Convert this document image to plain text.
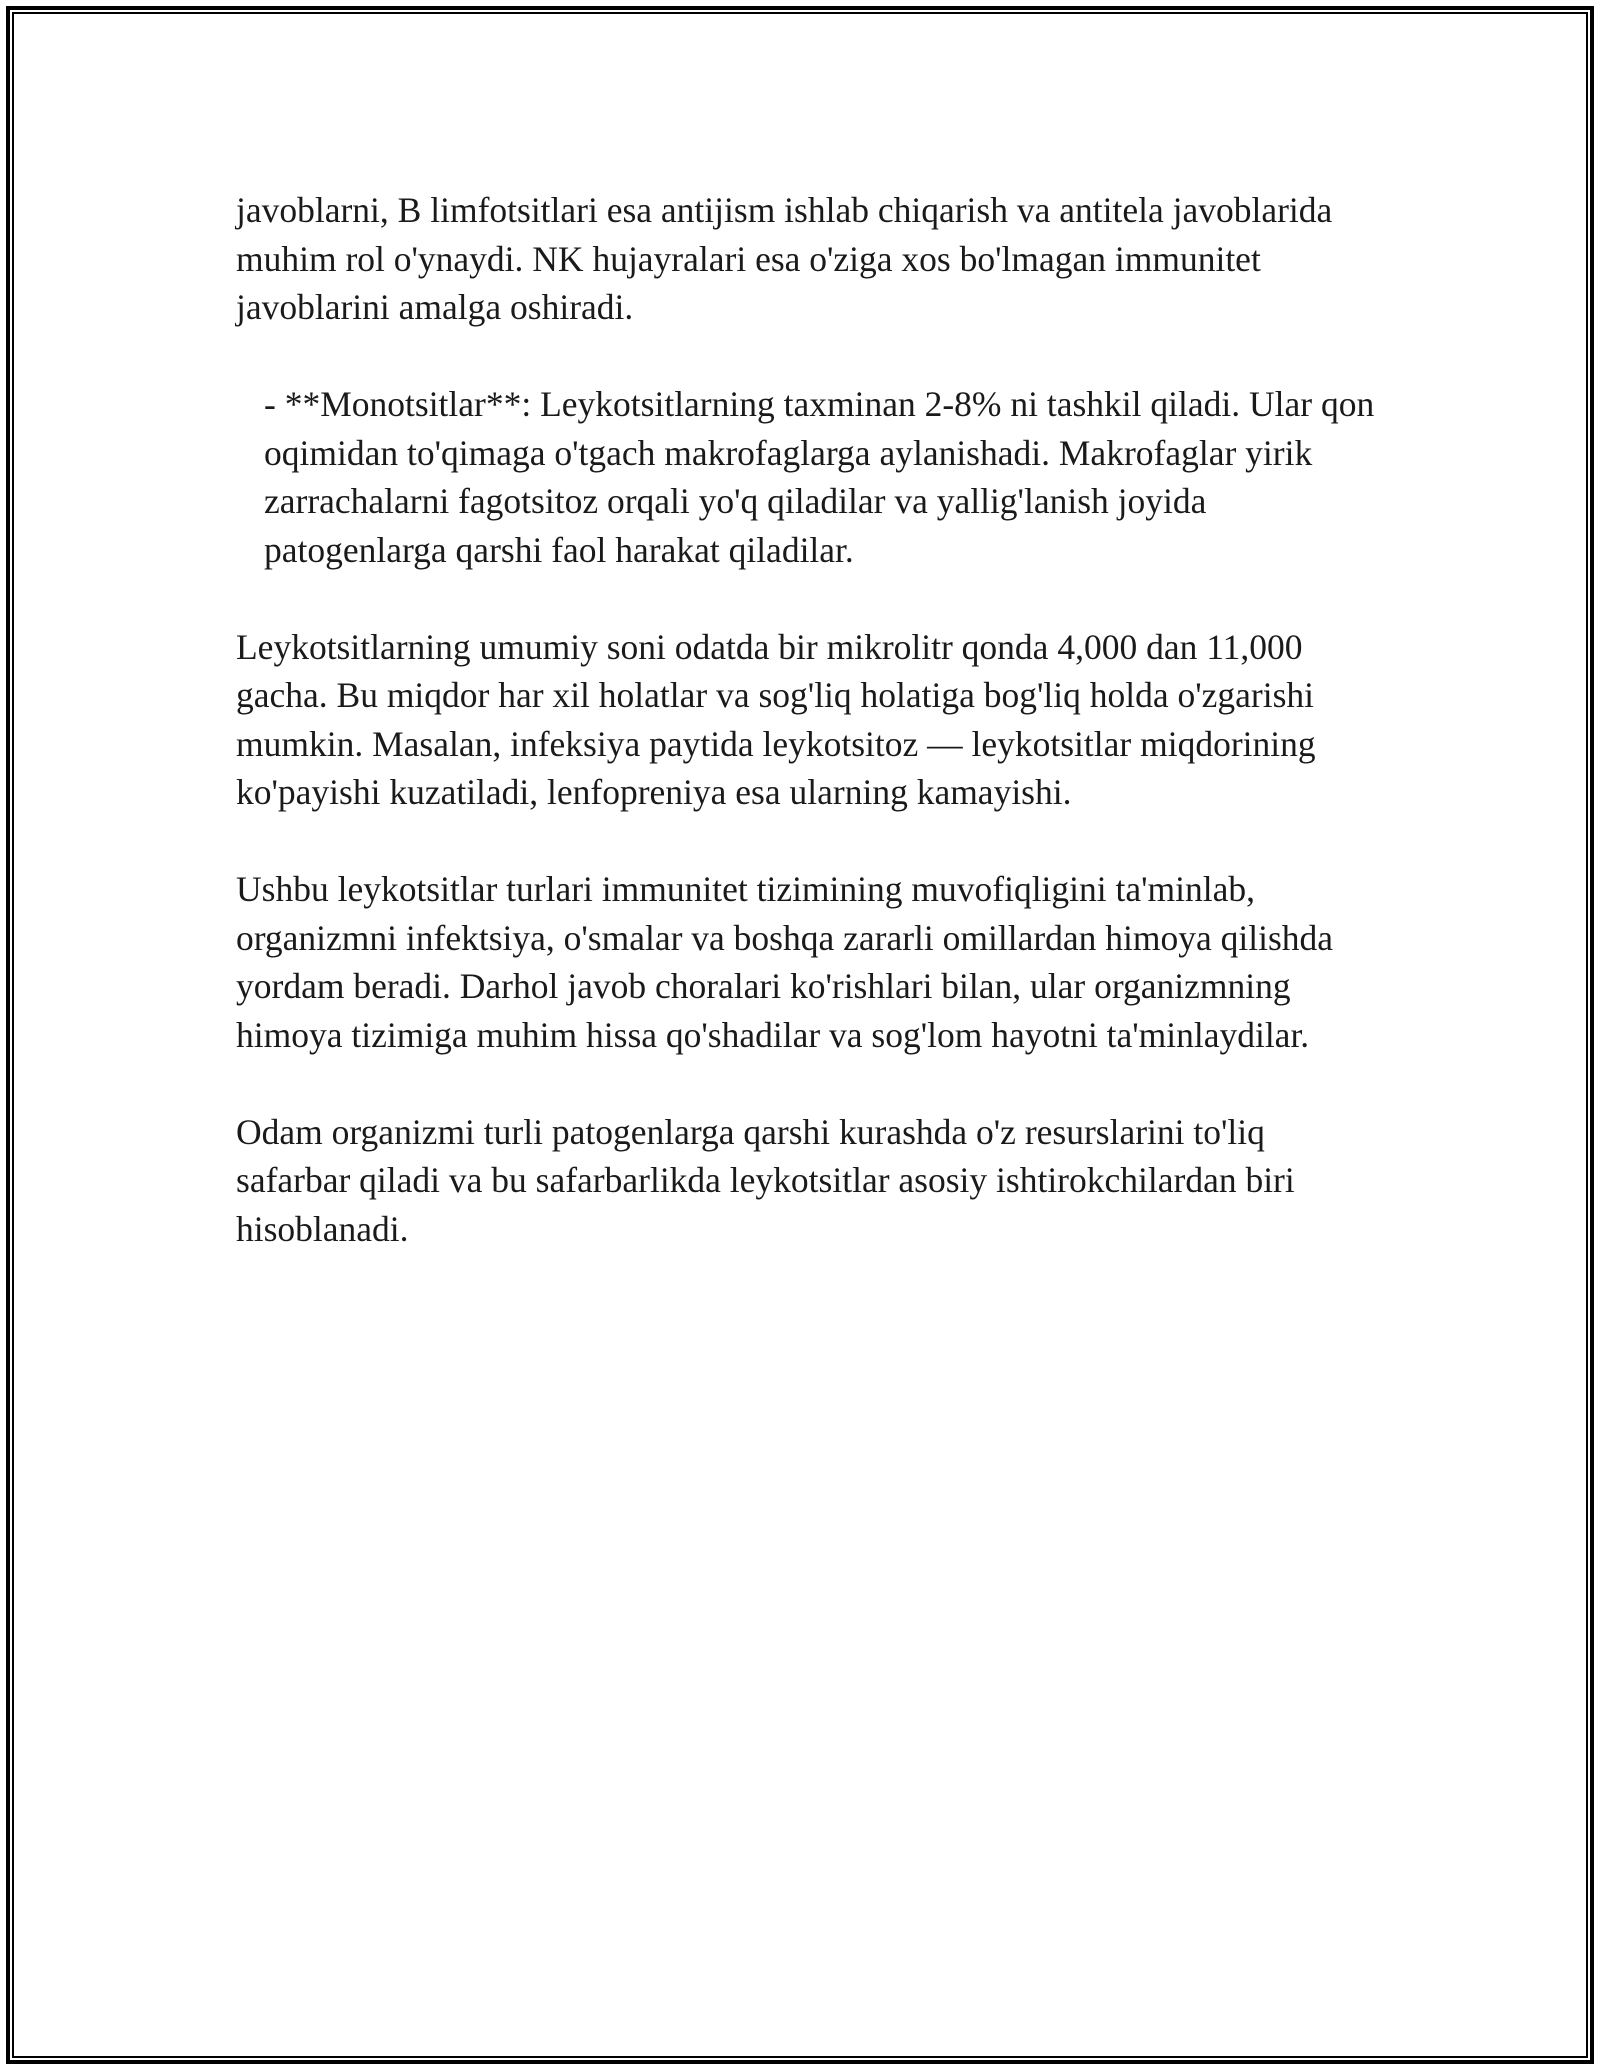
javoblarni, B limfotsitlari esa antijism ishlab chiqarish va antitela javoblarida muhim rol o'ynaydi. NK hujayralari esa o'ziga xos bo'lmagan immunitet javoblarini amalga oshiradi.

- **Monotsitlar**: Leykotsitlarning taxminan 2-8% ni tashkil qiladi. Ular qon oqimidan to'qimaga o'tgach makrofaglarga aylanishadi. Makrofaglar yirik zarrachalarni fagotsitoz orqali yo'q qiladilar va yallig'lanish joyida patogenlarga qarshi faol harakat qiladilar.

Leykotsitlarning umumiy soni odatda bir mikrolitr qonda 4,000 dan 11,000 gacha. Bu miqdor har xil holatlar va sog'liq holatiga bog'liq holda o'zgarishi mumkin. Masalan, infeksiya paytida leykotsitoz — leykotsitlar miqdorining ko'payishi kuzatiladi, lenfopreniya esa ularning kamayishi.

Ushbu leykotsitlar turlari immunitet tizimining muvofiqligini ta'minlab, organizmni infektsiya, o'smalar va boshqa zararli omillardan himoya qilishda yordam beradi. Darhol javob choralari ko'rishlari bilan, ular organizmning himoya tizimiga muhim hissa qo'shadilar va sog'lom hayotni ta'minlaydilar.

Odam organizmi turli patogenlarga qarshi kurashda o'z resurslarini to'liq safarbar qiladi va bu safarbarlikda leykotsitlar asosiy ishtirokchilardan biri hisoblanadi.
